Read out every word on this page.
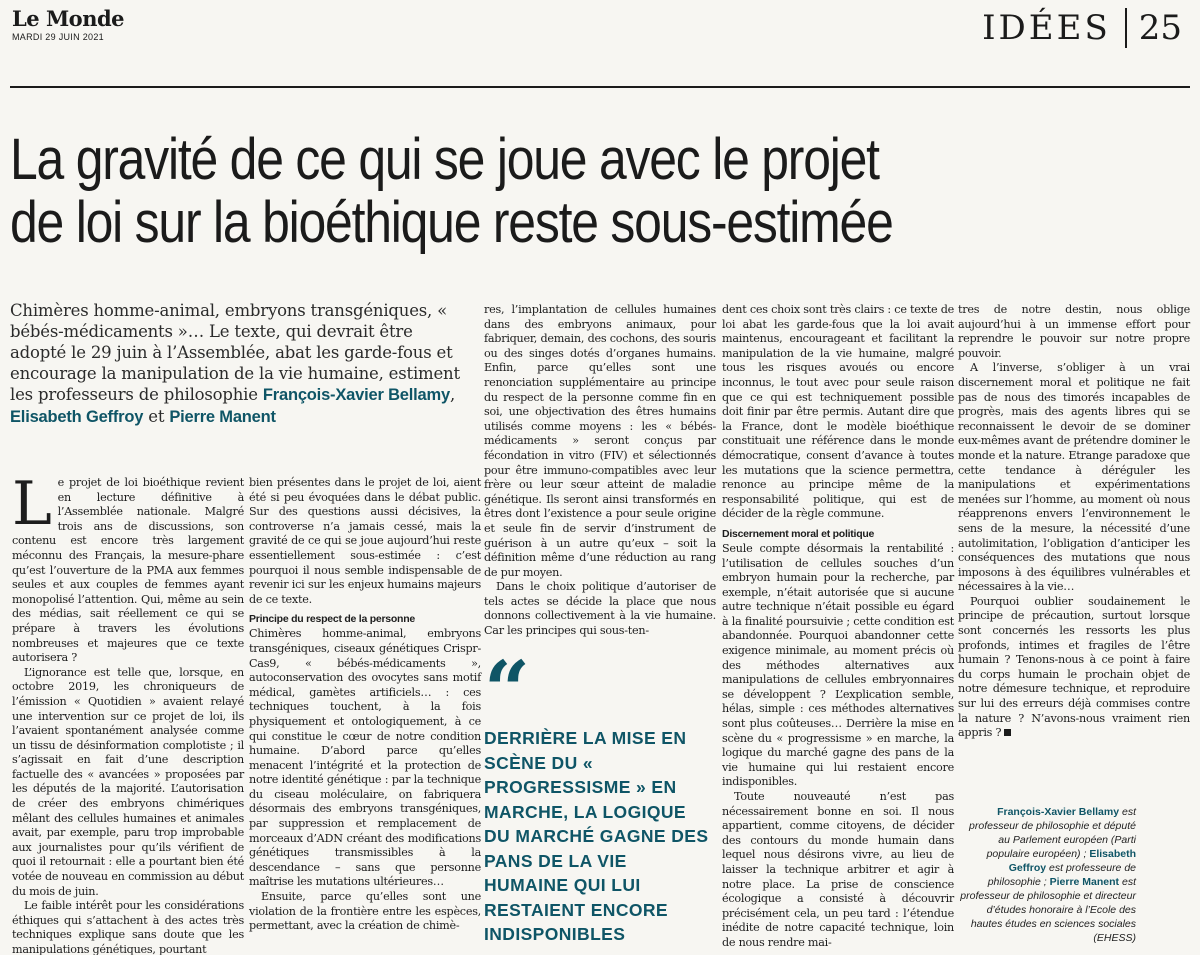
Le Monde
MARDI 29 JUIN 2021	IDÉES 25
La gravité de ce qui se joue avec le projet
de loi sur la bioéthique reste sous-estimée
Chimères homme-animal, embryons transgéniques, « bébés-médicaments »… Le texte, qui devrait être adopté le 29 juin à l’Assemblée, abat les garde-fous et encourage la manipulation de la vie humaine, estiment les professeurs de philosophie François-Xavier Bellamy, Elisabeth Geffroy et Pierre Manent
L e projet de loi bioéthique revient en lecture définitive à l’Assemblée nationale. Malgré trois ans de discussions, son contenu est encore très largement méconnu des Français, la mesure-phare qu’est l’ouverture de la PMA aux femmes seules et aux couples de femmes ayant monopolisé l’attention. Qui, même au sein des médias, sait réellement ce qui se prépare à travers les évolutions nombreuses et majeures que ce texte autorisera ?

L’ignorance est telle que, lorsque, en octobre 2019, les chroniqueurs de l’émission « Quotidien » avaient relayé une intervention sur ce projet de loi, ils l’avaient spontanément analysée comme un tissu de désinformation complotiste ; il s’agissait en fait d’une description factuelle des « avancées » proposées par les députés de la majorité. L’autorisation de créer des embryons chimériques mêlant des cellules humaines et animales avait, par exemple, paru trop improbable aux journalistes pour qu’ils vérifient de quoi il retournait : elle a pourtant bien été votée de nouveau en commission au début du mois de juin.

Le faible intérêt pour les considérations éthiques qui s’attachent à des actes très techniques explique sans doute que les manipulations génétiques, pourtant

bien présentes dans le projet de loi, aient été si peu évoquées dans le débat public. Sur des questions aussi décisives, la controverse n’a jamais cessé, mais la gravité de ce qui se joue aujourd’hui reste essentiellement sous-estimée : c’est pourquoi il nous semble indispensable de revenir ici sur les enjeux humains majeurs de ce texte.

Principe du respect de la personne

Chimères homme-animal, embryons transgéniques, ciseaux génétiques Crispr-Cas9, « bébés-médicaments », autoconservation des ovocytes sans motif médical, gamètes artificiels… : ces techniques touchent, à la fois physiquement et ontologiquement, à ce qui constitue le cœur de notre condition humaine. D’abord parce qu’elles menacent l’intégrité et la protection de notre identité génétique : par la technique du ciseau moléculaire, on fabriquera désormais des embryons transgéniques, par suppression et remplacement de morceaux d’ADN créant des modifications génétiques transmissibles à la descendance – sans que personne maîtrise les mutations ultérieures…

Ensuite, parce qu’elles sont une violation de la frontière entre les espèces, permettant, avec la création de chimè-

res, l’implantation de cellules humaines dans des embryons animaux, pour fabriquer, demain, des cochons, des souris ou des singes dotés d’organes humains. Enfin, parce qu’elles sont une renonciation supplémentaire au principe du respect de la personne comme fin en soi, une objectivation des êtres humains utilisés comme moyens : les « bébés-médicaments » seront conçus par fécondation in vitro (FIV) et sélectionnés pour être immuno-compatibles avec leur frère ou leur sœur atteint de maladie génétique. Ils seront ainsi transformés en êtres dont l’existence a pour seule origine et seule fin de servir d’instrument de guérison à un autre qu’eux – soit la définition même d’une réduction au rang de pur moyen.

Dans le choix politique d’autoriser de tels actes se décide la place que nous donnons collectivement à la vie humaine. Car les principes qui sous-ten-

“
DERRIÈRE LA MISE EN SCÈNE DU « PROGRESSISME » EN MARCHE, LA LOGIQUE DU MARCHÉ GAGNE DES PANS DE LA VIE HUMAINE QUI LUI RESTAIENT ENCORE INDISPONIBLES

dent ces choix sont très clairs : ce texte de loi abat les garde-fous que la loi avait maintenus, encourageant et facilitant la manipulation de la vie humaine, malgré tous les risques avoués ou encore inconnus, le tout avec pour seule raison que ce qui est techniquement possible doit finir par être permis. Autant dire que la France, dont le modèle bioéthique constituait une référence dans le monde démocratique, consent d’avance à toutes les mutations que la science permettra, renonce au principe même de la responsabilité politique, qui est de décider de la règle commune.

Discernement moral et politique

Seule compte désormais la rentabilité : l’utilisation de cellules souches d’un embryon humain pour la recherche, par exemple, n’était autorisée que si aucune autre technique n’était possible eu égard à la finalité poursuivie ; cette condition est abandonnée. Pourquoi abandonner cette exigence minimale, au moment précis où des méthodes alternatives aux manipulations de cellules embryonnaires se développent ? L’explication semble, hélas, simple : ces méthodes alternatives sont plus coûteuses… Derrière la mise en scène du « progressisme » en marche, la logique du marché gagne des pans de la vie humaine qui lui restaient encore indisponibles.

Toute nouveauté n’est pas nécessairement bonne en soi. Il nous appartient, comme citoyens, de décider des contours du monde humain dans lequel nous désirons vivre, au lieu de laisser la technique arbitrer et agir à notre place. La prise de conscience écologique a consisté à découvrir précisément cela, un peu tard : l’étendue inédite de notre capacité technique, loin de nous rendre mai-

tres de notre destin, nous oblige aujourd’hui à un immense effort pour reprendre le pouvoir sur notre propre pouvoir.

A l’inverse, s’obliger à un vrai discernement moral et politique ne fait pas de nous des timorés incapables de progrès, mais des agents libres qui se reconnaissent le devoir de se dominer eux-mêmes avant de prétendre dominer le monde et la nature. Etrange paradoxe que cette tendance à déréguler les manipulations et expérimentations menées sur l’homme, au moment où nous réapprenons envers l’environnement le sens de la mesure, la nécessité d’une autolimitation, l’obligation d’anticiper les conséquences des mutations que nous imposons à des équilibres vulnérables et nécessaires à la vie…

Pourquoi oublier soudainement le principe de précaution, surtout lorsque sont concernés les ressorts les plus profonds, intimes et fragiles de l’être humain ? Tenons-nous à ce point à faire du corps humain le prochain objet de notre démesure technique, et reproduire sur lui des erreurs déjà commises contre la nature ? N’avons-nous vraiment rien appris ?

François-Xavier Bellamy est professeur de philosophie et député au Parlement européen (Parti populaire européen) ; Elisabeth Geffroy est professeure de philosophie ; Pierre Manent est professeur de philosophie et directeur d’études honoraire à l’Ecole des hautes études en sciences sociales (EHESS)
